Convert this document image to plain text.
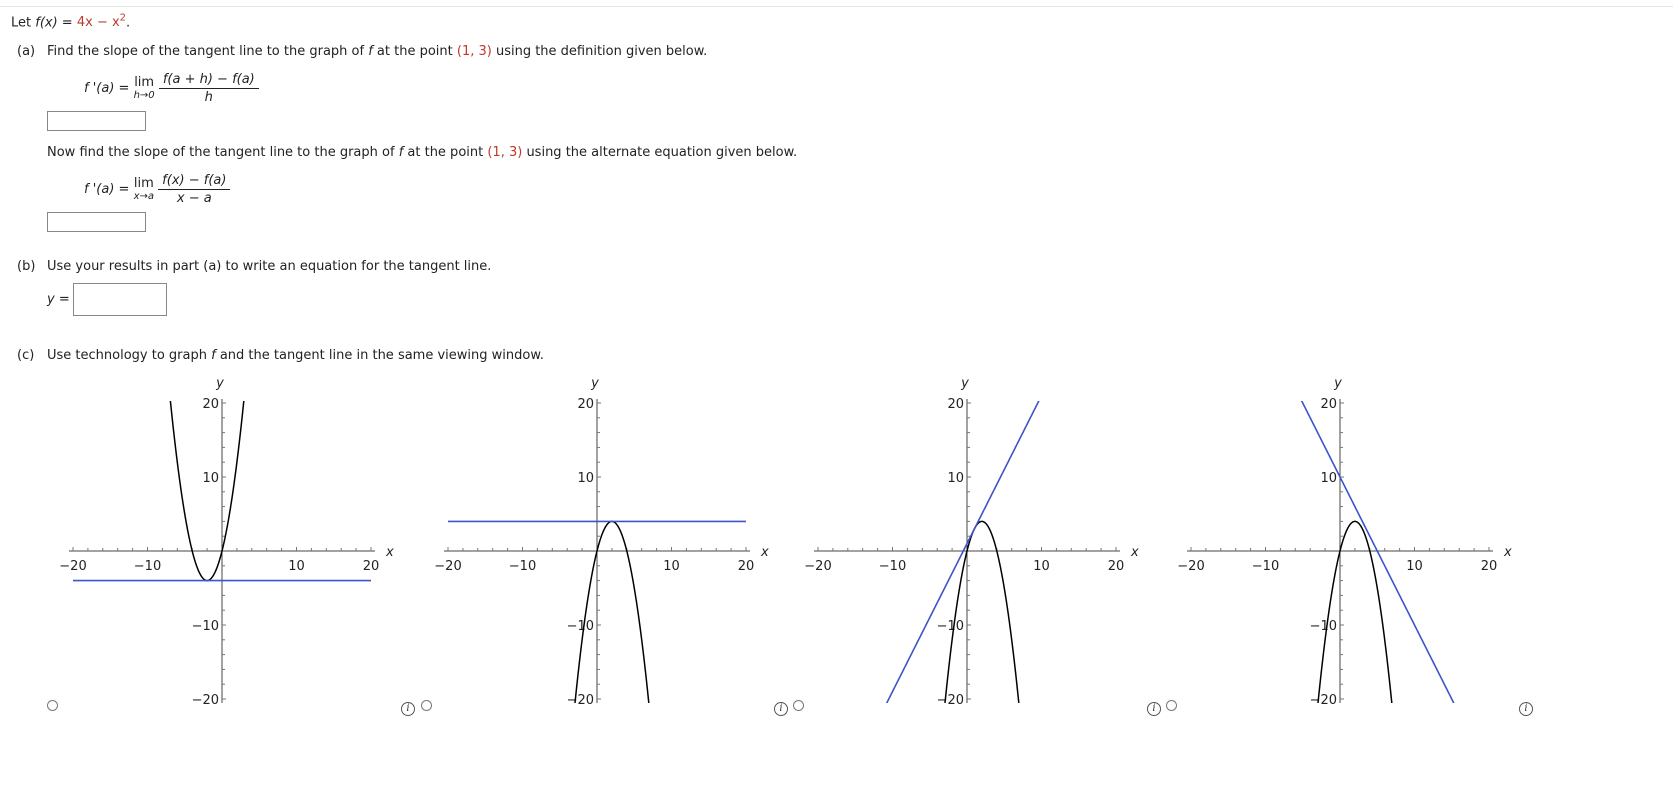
Let $f(x) = 4x - x^2$.
(a) Find the slope of the tangent line to the graph of f at the point (1, 3) using the definition given below.
f '(a) = lim
h→0
$\frac{f(a + h) - f(a)}{h}$
Now find the slope of the tangent line to the graph of f at the point (1, 3) using the alternate equation given below.
f '(a) = lim
x→a
$\frac{f(x) - f(a)}{x - a}$
(b) Use your results in part (a) to write an equation for the tangent line.
y =
(c) Use technology to graph f and the tangent line in the same viewing window.
−20	−10	10	20
20
10
−10
−20
x
y
−20	−10	10	20
20
10
−10
−20
x
y
−20	−10	10	20
20
10
−10
−20
x
y
−20	−10	10	20
20
10
−10
−20
x
y
i	i	i	i
